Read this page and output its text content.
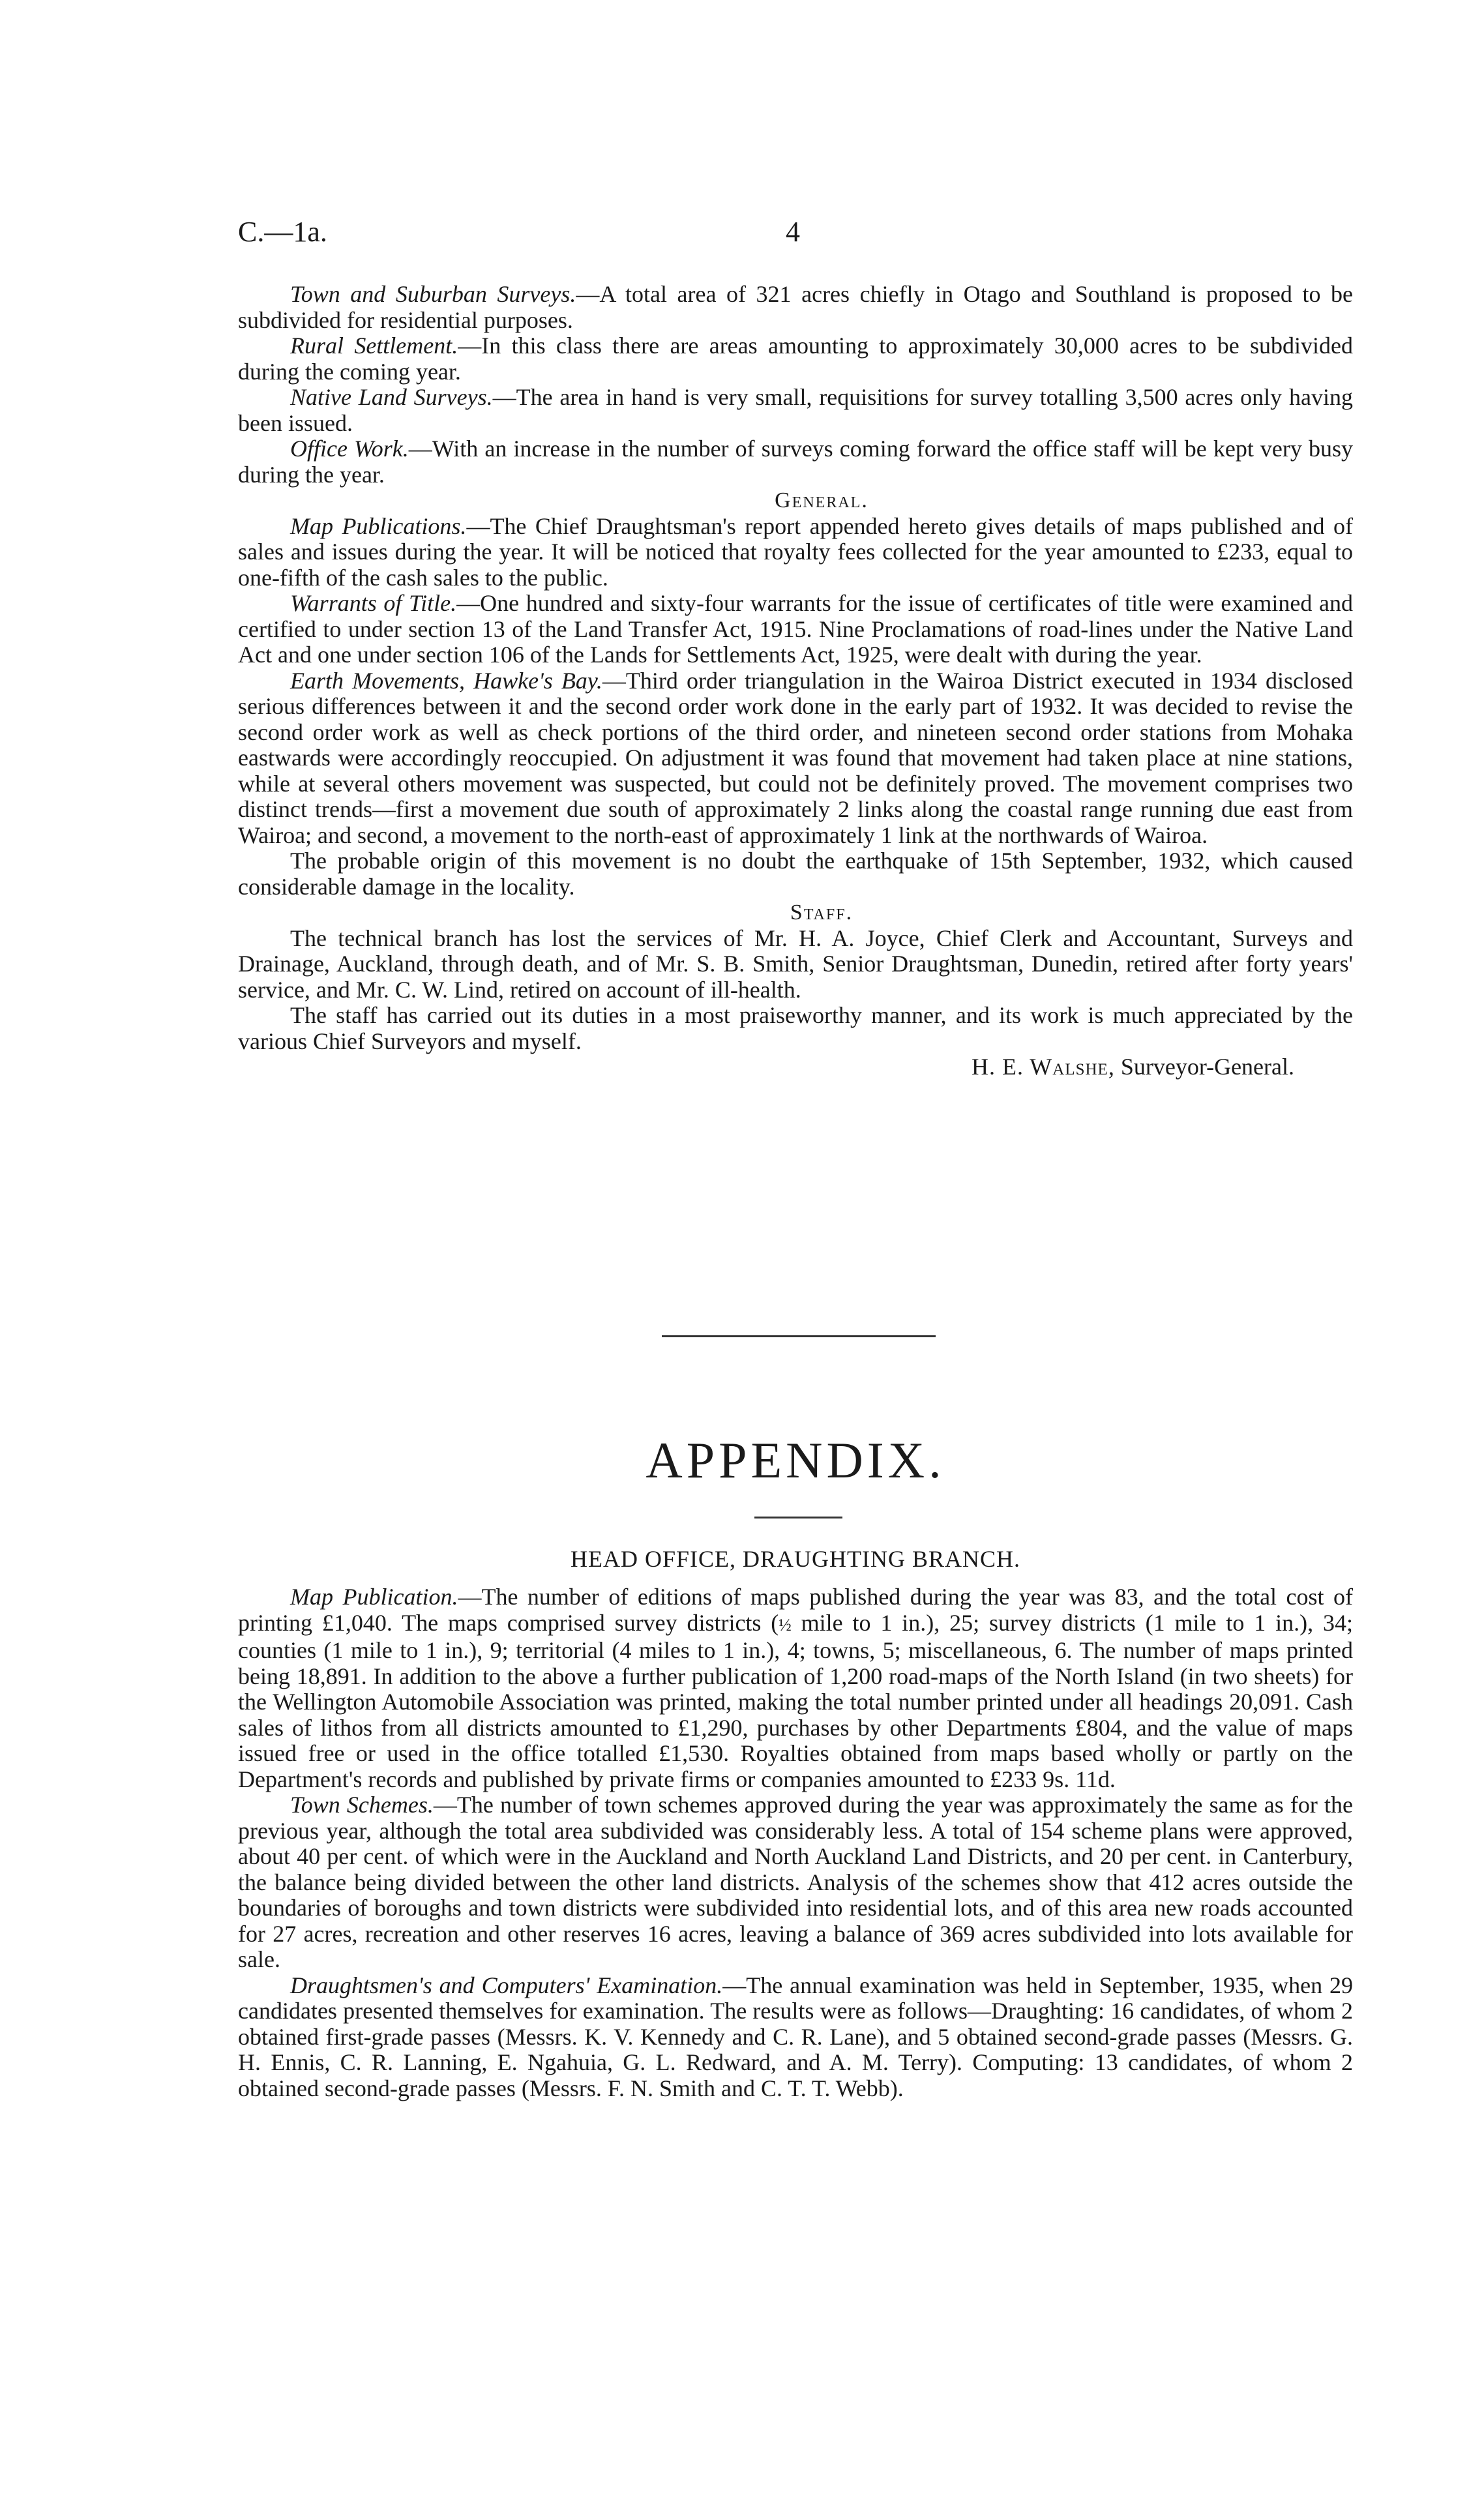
C.—1a.	4

Town and Suburban Surveys.—A total area of 321 acres chiefly in Otago and Southland is proposed to be subdivided for residential purposes.

Rural Settlement.—In this class there are areas amounting to approximately 30,000 acres to be subdivided during the coming year.

Native Land Surveys.—The area in hand is very small, requisitions for survey totalling 3,500 acres only having been issued.

Office Work.—With an increase in the number of surveys coming forward the office staff will be kept very busy during the year.

General.

Map Publications.—The Chief Draughtsman's report appended hereto gives details of maps published and of sales and issues during the year. It will be noticed that royalty fees collected for the year amounted to £233, equal to one-fifth of the cash sales to the public.

Warrants of Title.—One hundred and sixty-four warrants for the issue of certificates of title were examined and certified to under section 13 of the Land Transfer Act, 1915. Nine Proclamations of road-lines under the Native Land Act and one under section 106 of the Lands for Settlements Act, 1925, were dealt with during the year.

Earth Movements, Hawke's Bay.—Third order triangulation in the Wairoa District executed in 1934 disclosed serious differences between it and the second order work done in the early part of 1932. It was decided to revise the second order work as well as check portions of the third order, and nineteen second order stations from Mohaka eastwards were accordingly reoccupied. On adjustment it was found that movement had taken place at nine stations, while at several others movement was suspected, but could not be definitely proved. The movement comprises two distinct trends—first a movement due south of approximately 2 links along the coastal range running due east from Wairoa; and second, a movement to the north-east of approximately 1 link at the northwards of Wairoa.

The probable origin of this movement is no doubt the earthquake of 15th September, 1932, which caused considerable damage in the locality.

Staff.

The technical branch has lost the services of Mr. H. A. Joyce, Chief Clerk and Accountant, Surveys and Drainage, Auckland, through death, and of Mr. S. B. Smith, Senior Draughtsman, Dunedin, retired after forty years' service, and Mr. C. W. Lind, retired on account of ill-health.

The staff has carried out its duties in a most praiseworthy manner, and its work is much appreciated by the various Chief Surveyors and myself.

H. E. Walshe, Surveyor-General.

APPENDIX.
HEAD OFFICE, DRAUGHTING BRANCH.

Map Publication.—The number of editions of maps published during the year was 83, and the total cost of printing £1,040. The maps comprised survey districts (½ mile to 1 in.), 25; survey districts (1 mile to 1 in.), 34; counties (1 mile to 1 in.), 9; territorial (4 miles to 1 in.), 4; towns, 5; miscellaneous, 6. The number of maps printed being 18,891. In addition to the above a further publication of 1,200 road-maps of the North Island (in two sheets) for the Wellington Automobile Association was printed, making the total number printed under all headings 20,091. Cash sales of lithos from all districts amounted to £1,290, purchases by other Departments £804, and the value of maps issued free or used in the office totalled £1,530. Royalties obtained from maps based wholly or partly on the Department's records and published by private firms or companies amounted to £233 9s. 11d.

Town Schemes.—The number of town schemes approved during the year was approximately the same as for the previous year, although the total area subdivided was considerably less. A total of 154 scheme plans were approved, about 40 per cent. of which were in the Auckland and North Auckland Land Districts, and 20 per cent. in Canterbury, the balance being divided between the other land districts. Analysis of the schemes show that 412 acres outside the boundaries of boroughs and town districts were subdivided into residential lots, and of this area new roads accounted for 27 acres, recreation and other reserves 16 acres, leaving a balance of 369 acres subdivided into lots available for sale.

Draughtsmen's and Computers' Examination.—The annual examination was held in September, 1935, when 29 candidates presented themselves for examination. The results were as follows—Draughting: 16 candidates, of whom 2 obtained first-grade passes (Messrs. K. V. Kennedy and C. R. Lane), and 5 obtained second-grade passes (Messrs. G. H. Ennis, C. R. Lanning, E. Ngahuia, G. L. Redward, and A. M. Terry). Computing: 13 candidates, of whom 2 obtained second-grade passes (Messrs. F. N. Smith and C. T. T. Webb).
